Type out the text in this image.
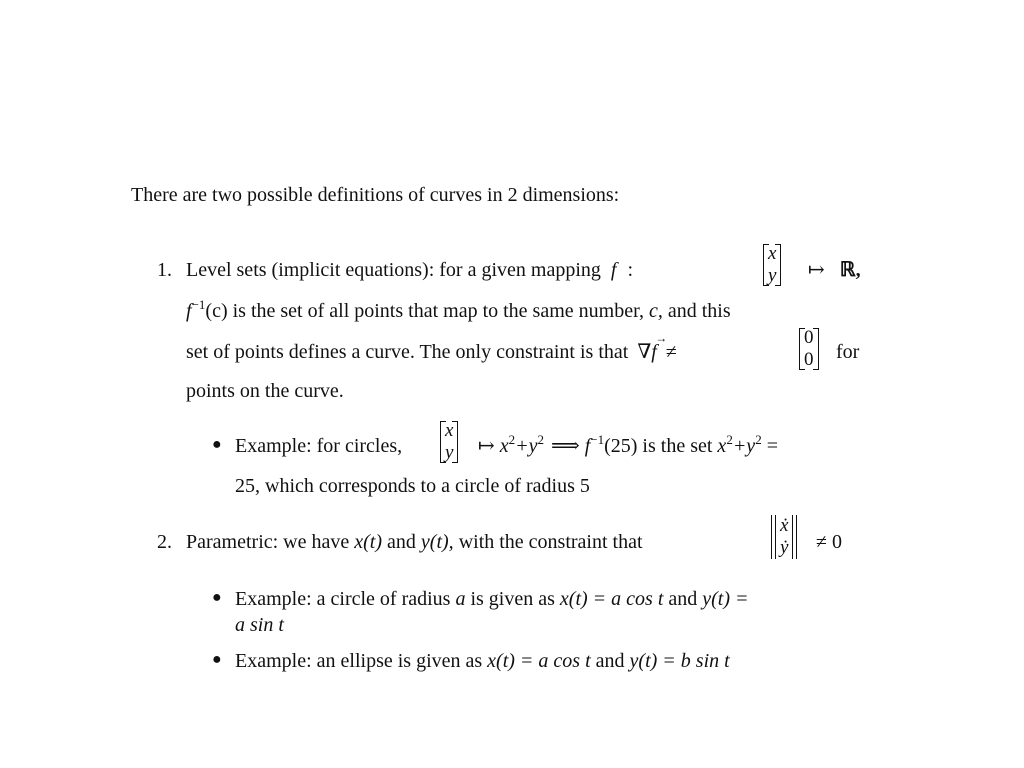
There are two possible definitions of curves in 2 dimensions:
1. Level sets (implicit equations): for a given mapping f :
x
y ↦ ℝ,
$f^{-1}(c)$ is the set of all points that map to the same number, c, and this
set of points defines a curve. The only constraint is that ∇f → ≠
0
0 for
points on the curve.
● Example: for circles,
x
y ↦ $x^2+y^2$ ⟹ $f^{-1}(25)$ is the set $x^2+y^2$ =
25, which corresponds to a circle of radius 5
2. Parametric: we have x(t) and y(t), with the constraint that
ẋ
ẏ ≠ 0
● Example: a circle of radius a is given as x(t) = a cos t and y(t) =
a sin t
● Example: an ellipse is given as x(t) = a cos t and y(t) = b sin t
